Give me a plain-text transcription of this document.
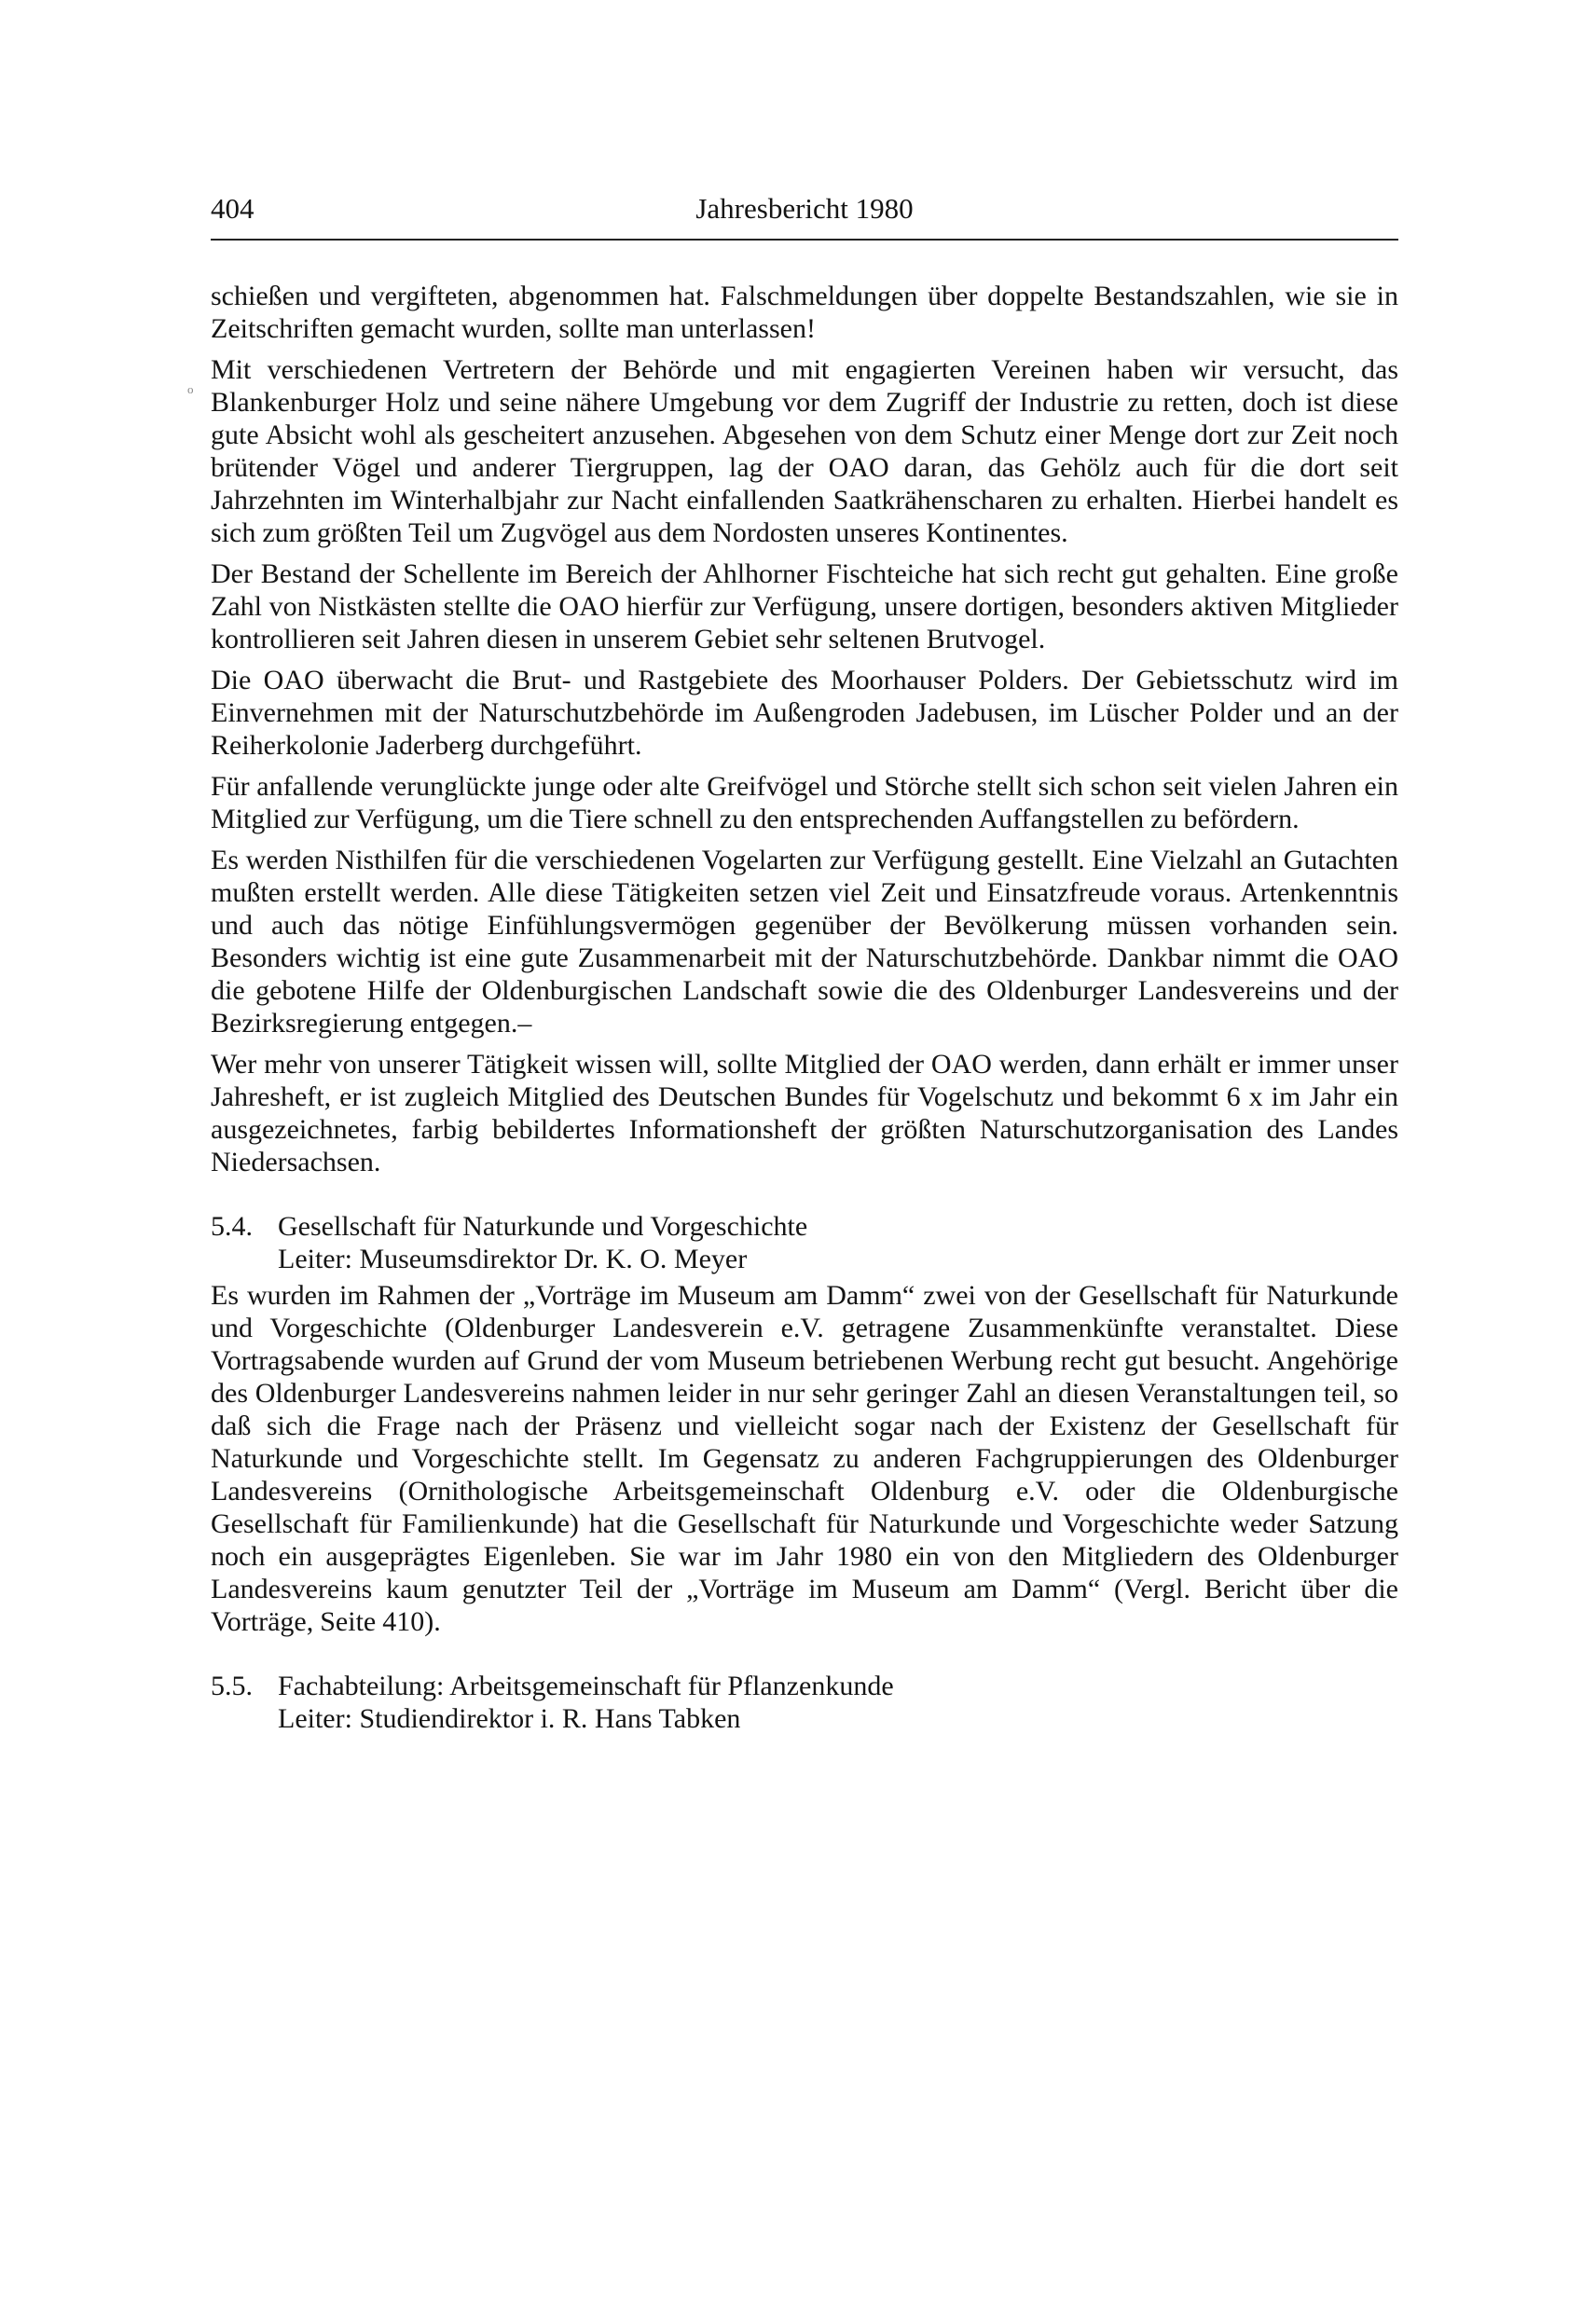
404	Jahresbericht 1980
o

schießen und vergifteten, abgenommen hat. Falschmeldungen über doppelte Bestandszahlen, wie sie in Zeitschriften gemacht wurden, sollte man unterlassen!

Mit verschiedenen Vertretern der Behörde und mit engagierten Vereinen haben wir versucht, das Blankenburger Holz und seine nähere Umgebung vor dem Zugriff der Industrie zu retten, doch ist diese gute Absicht wohl als gescheitert anzusehen. Abgesehen von dem Schutz einer Menge dort zur Zeit noch brütender Vögel und anderer Tiergruppen, lag der OAO daran, das Gehölz auch für die dort seit Jahrzehnten im Winterhalbjahr zur Nacht einfallenden Saatkrähenscharen zu erhalten. Hierbei handelt es sich zum größten Teil um Zugvögel aus dem Nordosten unseres Kontinentes.

Der Bestand der Schellente im Bereich der Ahlhorner Fischteiche hat sich recht gut gehalten. Eine große Zahl von Nistkästen stellte die OAO hierfür zur Verfügung, unsere dortigen, besonders aktiven Mitglieder kontrollieren seit Jahren diesen in unserem Gebiet sehr seltenen Brutvogel.

Die OAO überwacht die Brut- und Rastgebiete des Moorhauser Polders. Der Gebietsschutz wird im Einvernehmen mit der Naturschutzbehörde im Außengroden Jadebusen, im Lüscher Polder und an der Reiherkolonie Jaderberg durchgeführt.

Für anfallende verunglückte junge oder alte Greifvögel und Störche stellt sich schon seit vielen Jahren ein Mitglied zur Verfügung, um die Tiere schnell zu den entsprechenden Auffangstellen zu befördern.

Es werden Nisthilfen für die verschiedenen Vogelarten zur Verfügung gestellt. Eine Vielzahl an Gutachten mußten erstellt werden. Alle diese Tätigkeiten setzen viel Zeit und Einsatzfreude voraus. Artenkenntnis und auch das nötige Einfühlungsvermögen gegenüber der Bevölkerung müssen vorhanden sein. Besonders wichtig ist eine gute Zusammenarbeit mit der Naturschutzbehörde. Dankbar nimmt die OAO die gebotene Hilfe der Oldenburgischen Landschaft sowie die des Oldenburger Landesvereins und der Bezirksregierung entgegen.–

Wer mehr von unserer Tätigkeit wissen will, sollte Mitglied der OAO werden, dann erhält er immer unser Jahresheft, er ist zugleich Mitglied des Deutschen Bundes für Vogelschutz und bekommt 6 x im Jahr ein ausgezeichnetes, farbig bebildertes Informationsheft der größten Naturschutzorganisation des Landes Niedersachsen.

5.4. Gesellschaft für Naturkunde und Vorgeschichte
Leiter: Museumsdirektor Dr. K. O. Meyer

Es wurden im Rahmen der „Vorträge im Museum am Damm“ zwei von der Gesellschaft für Naturkunde und Vorgeschichte (Oldenburger Landesverein e.V. getragene Zusammenkünfte veranstaltet. Diese Vortragsabende wurden auf Grund der vom Museum betriebenen Werbung recht gut besucht. Angehörige des Oldenburger Landesvereins nahmen leider in nur sehr geringer Zahl an diesen Veranstaltungen teil, so daß sich die Frage nach der Präsenz und vielleicht sogar nach der Existenz der Gesellschaft für Naturkunde und Vorgeschichte stellt. Im Gegensatz zu anderen Fachgruppierungen des Oldenburger Landesvereins (Ornithologische Arbeitsgemeinschaft Oldenburg e.V. oder die Oldenburgische Gesellschaft für Familienkunde) hat die Gesellschaft für Naturkunde und Vorgeschichte weder Satzung noch ein ausgeprägtes Eigenleben. Sie war im Jahr 1980 ein von den Mitgliedern des Oldenburger Landesvereins kaum genutzter Teil der „Vorträge im Museum am Damm“ (Vergl. Bericht über die Vorträge, Seite 410).

5.5. Fachabteilung: Arbeitsgemeinschaft für Pflanzenkunde
Leiter: Studiendirektor i. R. Hans Tabken
